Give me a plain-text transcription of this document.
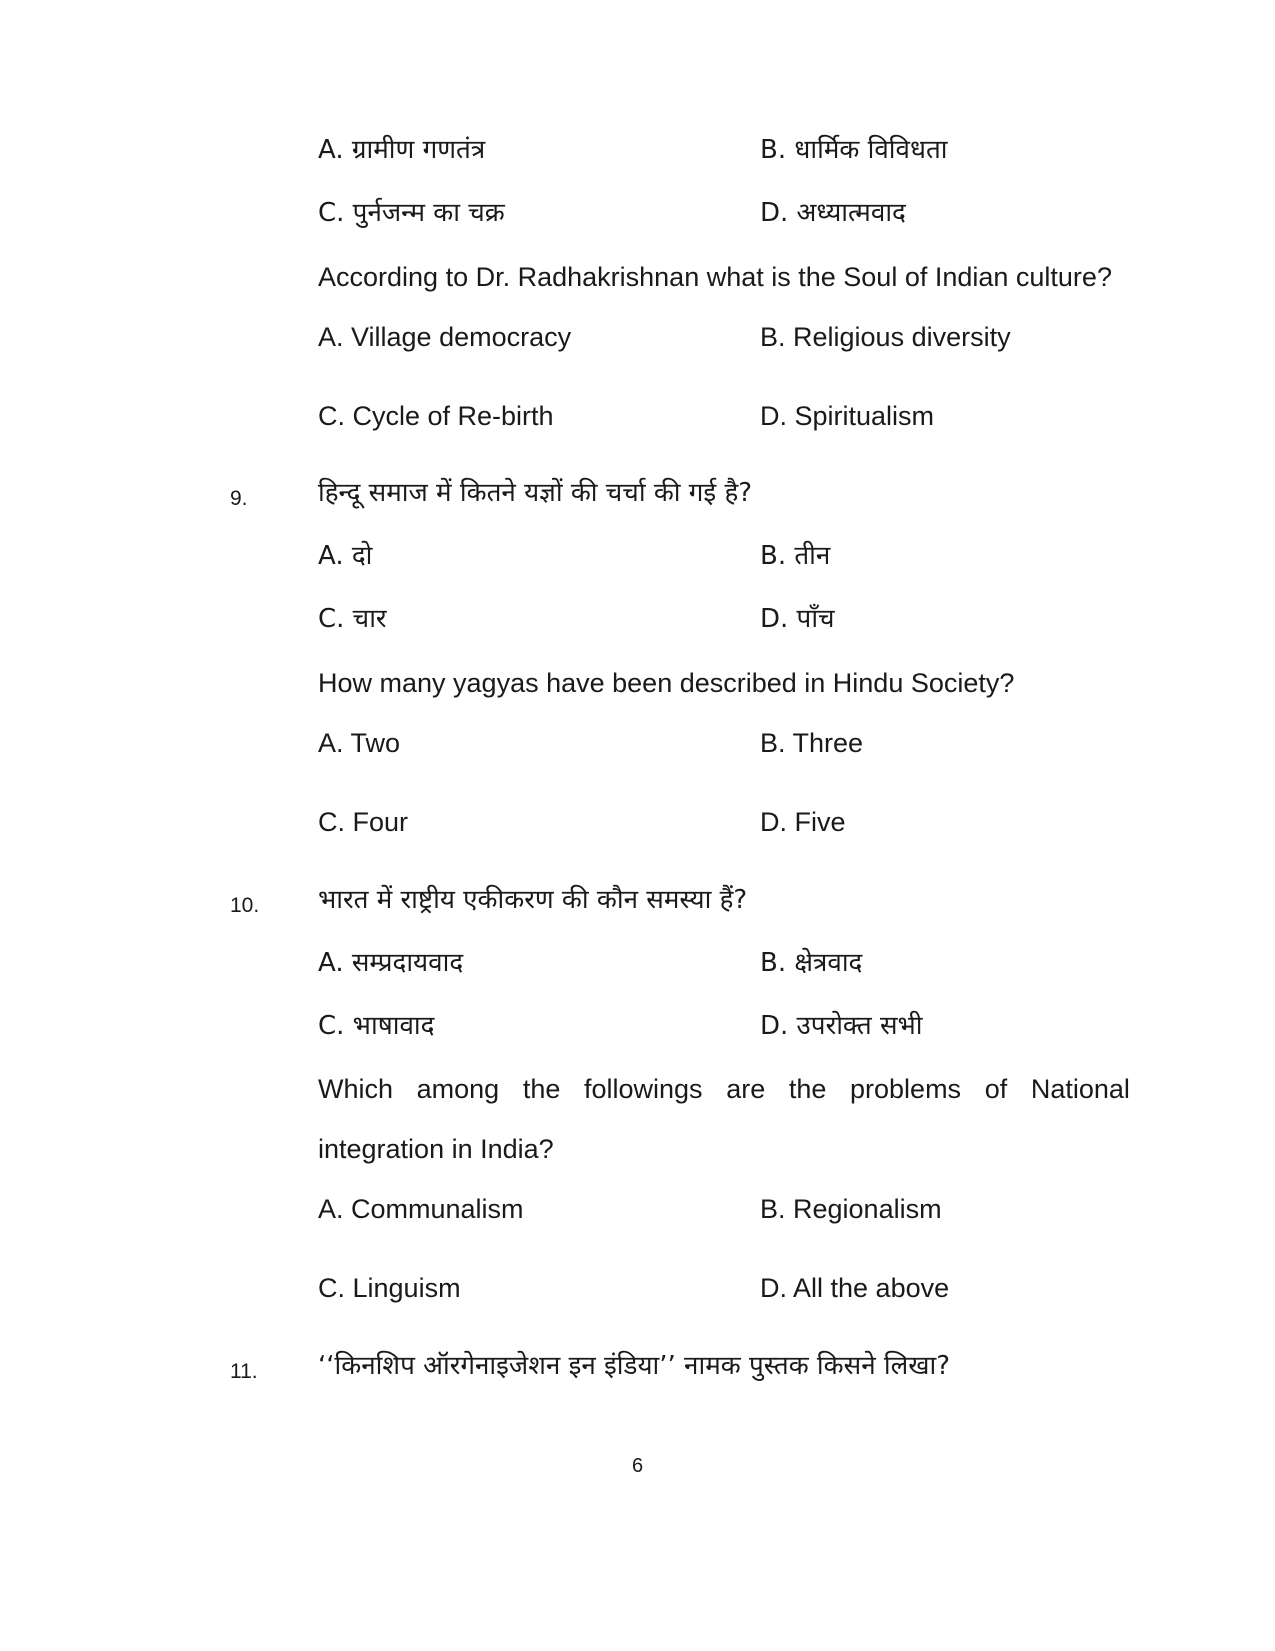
A. ग्रामीण गणतंत्र	B. धार्मिक विविधता
C. पुर्नजन्म का चक्र	D. अध्यात्मवाद
According to Dr. Radhakrishnan what is the Soul of Indian culture?
A. Village democracy	B. Religious diversity
C. Cycle of Re-birth	D. Spiritualism
9.	हिन्दू समाज में कितने यज्ञों की चर्चा की गई है?
A. दो	B. तीन
C. चार	D. पाँच
How many yagyas have been described in Hindu Society?
A. Two	B. Three
C. Four	D. Five
10. भारत में राष्ट्रीय एकीकरण की कौन समस्या हैं?
A. सम्प्रदायवाद	B. क्षेत्रवाद
C. भाषावाद	D. उपरोक्त सभी
Which among the followings are the problems of National
integration in India?
A. Communalism	B. Regionalism
C. Linguism	D. All the above
11. ‘‘किनशिप ऑरगेनाइजेशन इन इंडिया’’ नामक पुस्तक किसने लिखा?
6
